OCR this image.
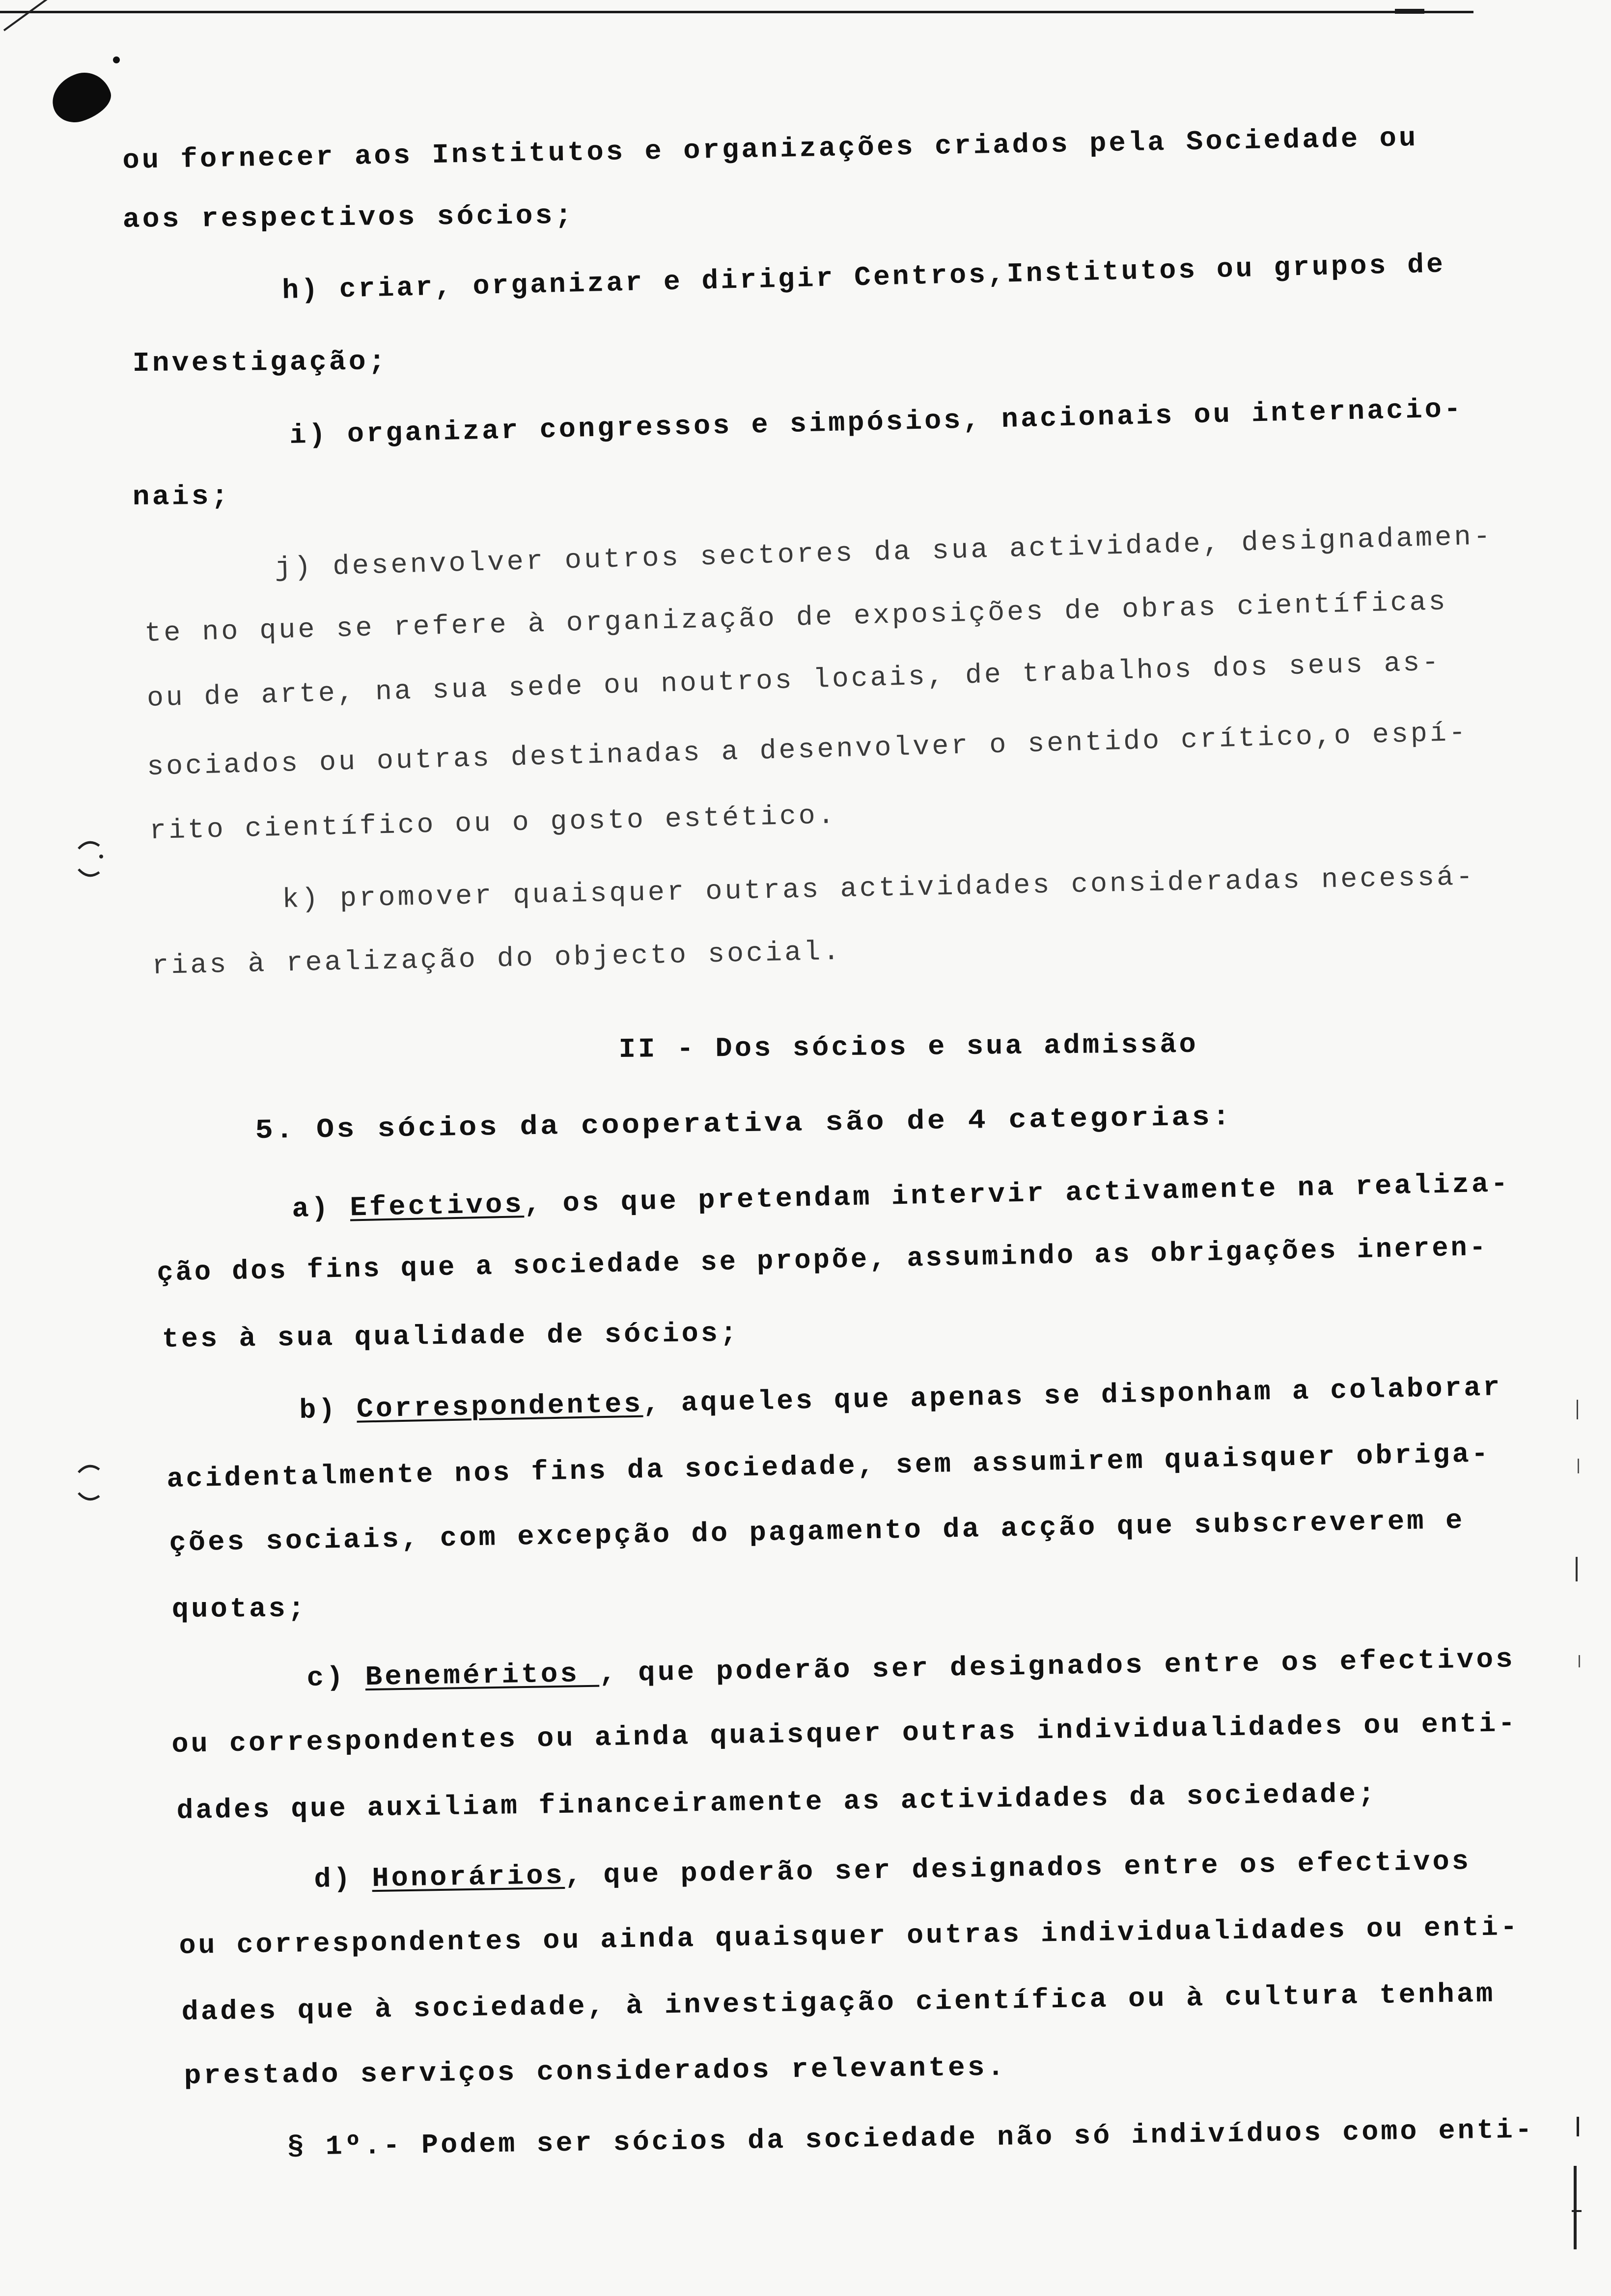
ou fornecer aos Institutos e organizações criados pela Sociedade ou
aos respectivos sócios;
h) criar, organizar e dirigir Centros,Institutos ou grupos de
Investigação;
i) organizar congressos e simpósios, nacionais ou internacio-
nais;
j) desenvolver outros sectores da sua actividade, designadamen-
te no que se refere à organização de exposições de obras científicas
ou de arte, na sua sede ou noutros locais, de trabalhos dos seus as-
sociados ou outras destinadas a desenvolver o sentido crítico,o espí-
rito científico ou o gosto estético.
k) promover quaisquer outras actividades consideradas necessá-
rias à realização do objecto social.
II - Dos sócios e sua admissão
5. Os sócios da cooperativa são de 4 categorias:
a) Efectivos, os que pretendam intervir activamente na realiza-
ção dos fins que a sociedade se propõe, assumindo as obrigações ineren-
tes à sua qualidade de sócios;
b) Correspondentes, aqueles que apenas se disponham a colaborar
acidentalmente nos fins da sociedade, sem assumirem quaisquer obriga-
ções sociais, com excepção do pagamento da acção que subscreverem e
quotas;
c) Beneméritos , que poderão ser designados entre os efectivos
ou correspondentes ou ainda quaisquer outras individualidades ou enti-
dades que auxiliam financeiramente as actividades da sociedade;
d) Honorários, que poderão ser designados entre os efectivos
ou correspondentes ou ainda quaisquer outras individualidades ou enti-
dades que à sociedade, à investigação científica ou à cultura tenham
prestado serviços considerados relevantes.
§ 1º.- Podem ser sócios da sociedade não só indivíduos como enti-
